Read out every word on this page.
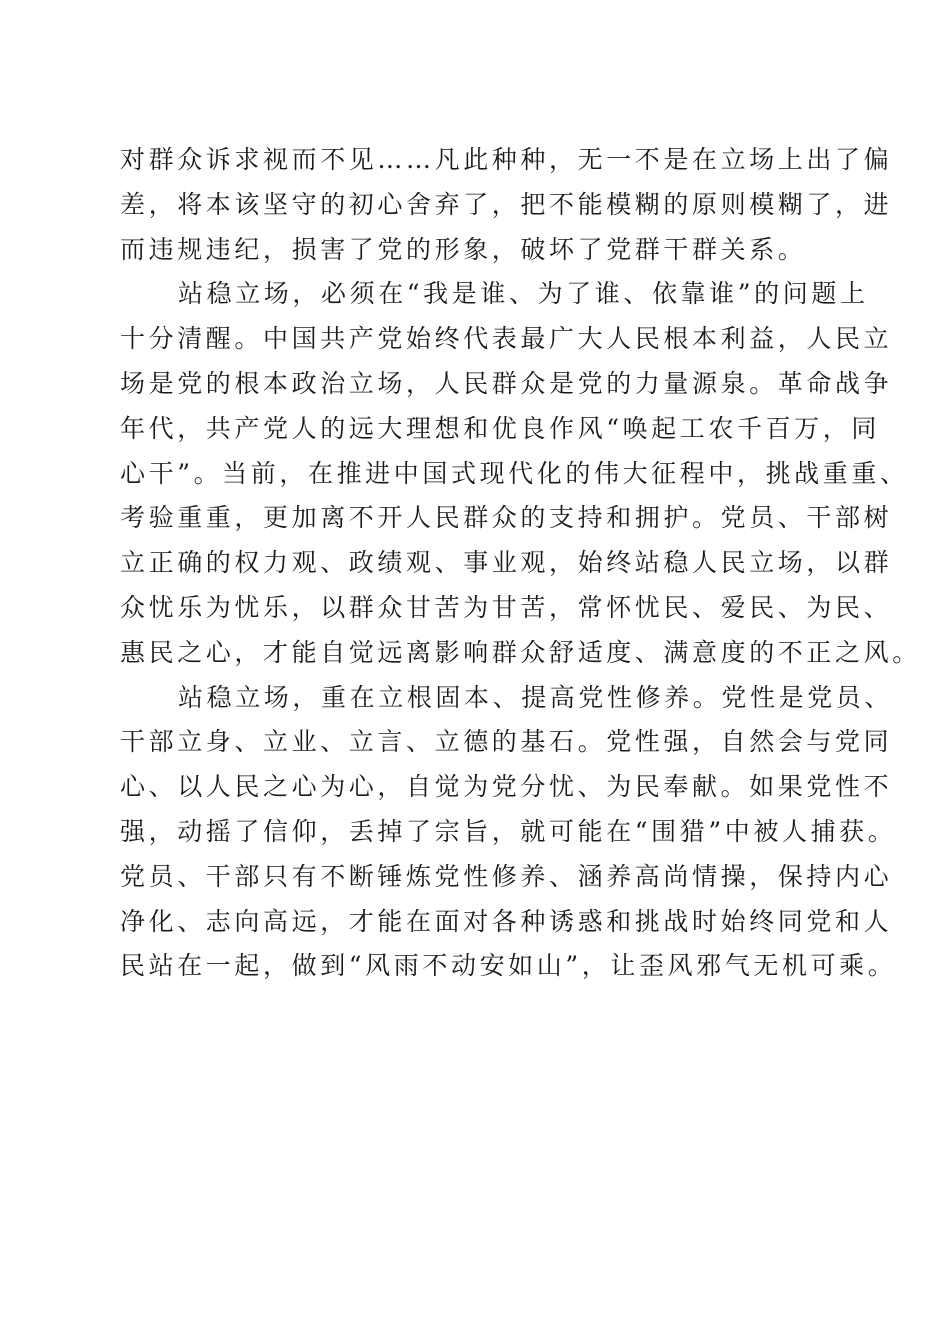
对群众诉求视而不见……凡此种种，无一不是在立场上出了偏
差，将本该坚守的初心舍弃了，把不能模糊的原则模糊了，进
而违规违纪，损害了党的形象，破坏了党群干群关系。
站稳立场，必须在“我是谁、为了谁、依靠谁”的问题上
十分清醒。中国共产党始终代表最广大人民根本利益，人民立
场是党的根本政治立场，人民群众是党的力量源泉。革命战争
年代，共产党人的远大理想和优良作风“唤起工农千百万，同
心干”。当前，在推进中国式现代化的伟大征程中，挑战重重、
考验重重，更加离不开人民群众的支持和拥护。党员、干部树
立正确的权力观、政绩观、事业观，始终站稳人民立场，以群
众忧乐为忧乐，以群众甘苦为甘苦，常怀忧民、爱民、为民、
惠民之心，才能自觉远离影响群众舒适度、满意度的不正之风。
站稳立场，重在立根固本、提高党性修养。党性是党员、
干部立身、立业、立言、立德的基石。党性强，自然会与党同
心、以人民之心为心，自觉为党分忧、为民奉献。如果党性不
强，动摇了信仰，丢掉了宗旨，就可能在“围猎”中被人捕获。
党员、干部只有不断锤炼党性修养、涵养高尚情操，保持内心
净化、志向高远，才能在面对各种诱惑和挑战时始终同党和人
民站在一起，做到“风雨不动安如山”，让歪风邪气无机可乘。
